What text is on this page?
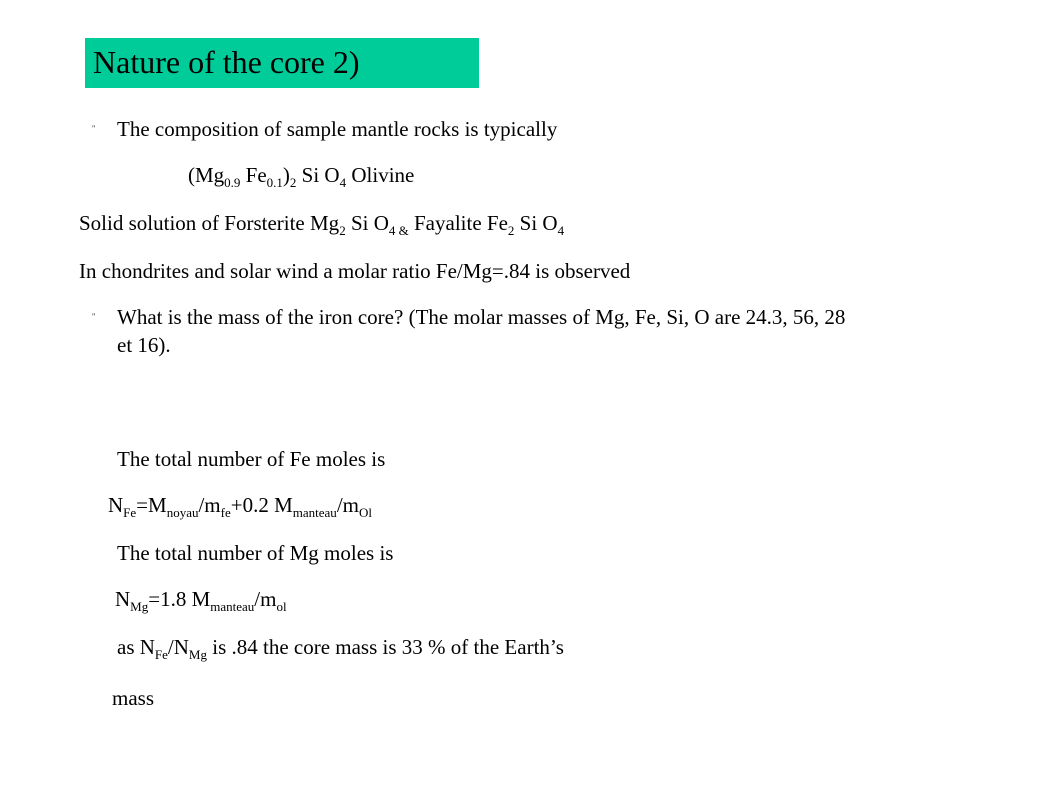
Nature of the core 2)
" The composition of sample mantle rocks is typically
($Mg_{0.9}$ $Fe_{0.1})_2$ Si $O_4$ Olivine
Solid solution of Forsterite $Mg_2$ Si $O_{4 \&}$ Fayalite $Fe_2$ Si $O_4$
In chondrites and solar wind a molar ratio Fe/Mg=.84 is observed
" What is the mass of the iron core? (The molar masses of Mg, Fe, Si, O are 24.3, 56, 28
et 16).
The total number of Fe moles is
$N_{Fe}=M_{noyau}/m_{fe}+0.2$ $M_{manteau}/m_{Ol}$
The total number of Mg moles is
$N_{Mg}=1.8$ $M_{manteau}/m_{ol}$
as $N_{Fe}/N_{Mg}$ is .84 the core mass is 33 % of the Earth’s
mass
